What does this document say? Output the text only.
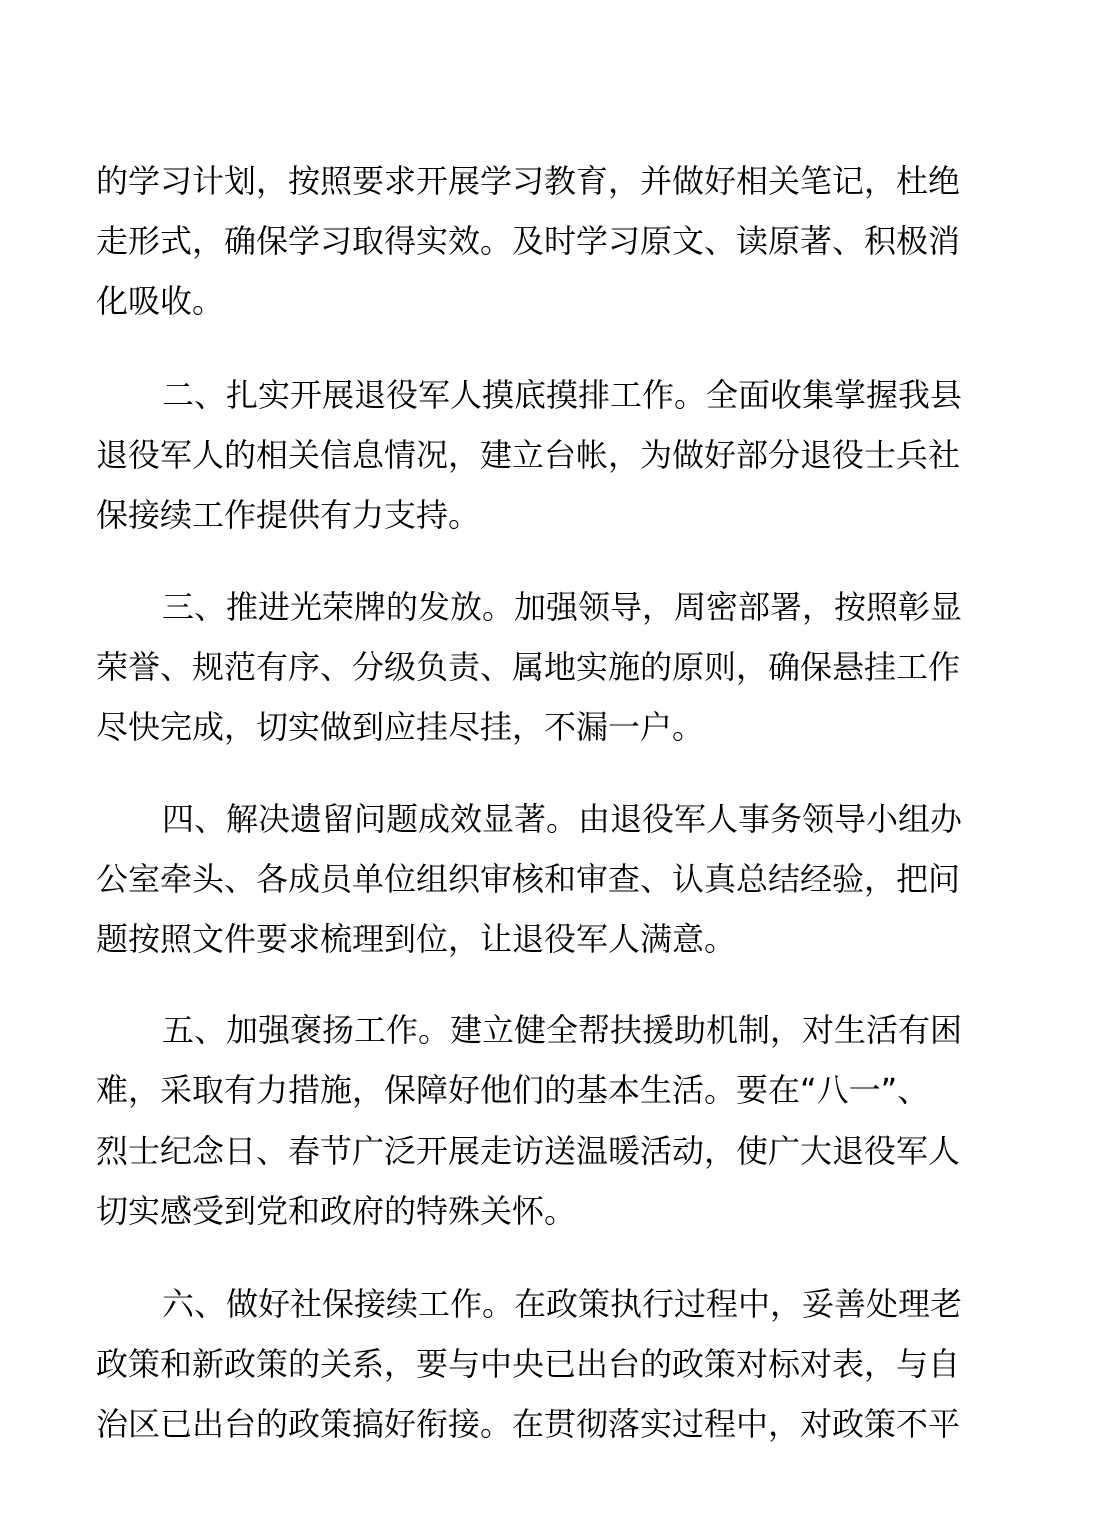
的学习计划，按照要求开展学习教育，并做好相关笔记，杜绝
走形式，确保学习取得实效。及时学习原文、读原著、积极消
化吸收。
二、扎实开展退役军人摸底摸排工作。全面收集掌握我县
退役军人的相关信息情况，建立台帐，为做好部分退役士兵社
保接续工作提供有力支持。
三、推进光荣牌的发放。加强领导，周密部署，按照彰显
荣誉、规范有序、分级负责、属地实施的原则，确保悬挂工作
尽快完成，切实做到应挂尽挂，不漏一户。
四、解决遗留问题成效显著。由退役军人事务领导小组办
公室牵头、各成员单位组织审核和审查、认真总结经验，把问
题按照文件要求梳理到位，让退役军人满意。
五、加强褒扬工作。建立健全帮扶援助机制，对生活有困
难，采取有力措施，保障好他们的基本生活。要在“八一”、
烈士纪念日、春节广泛开展走访送温暖活动，使广大退役军人
切实感受到党和政府的特殊关怀。
六、做好社保接续工作。在政策执行过程中，妥善处理老
政策和新政策的关系，要与中央已出台的政策对标对表，与自
治区已出台的政策搞好衔接。在贯彻落实过程中，对政策不平
